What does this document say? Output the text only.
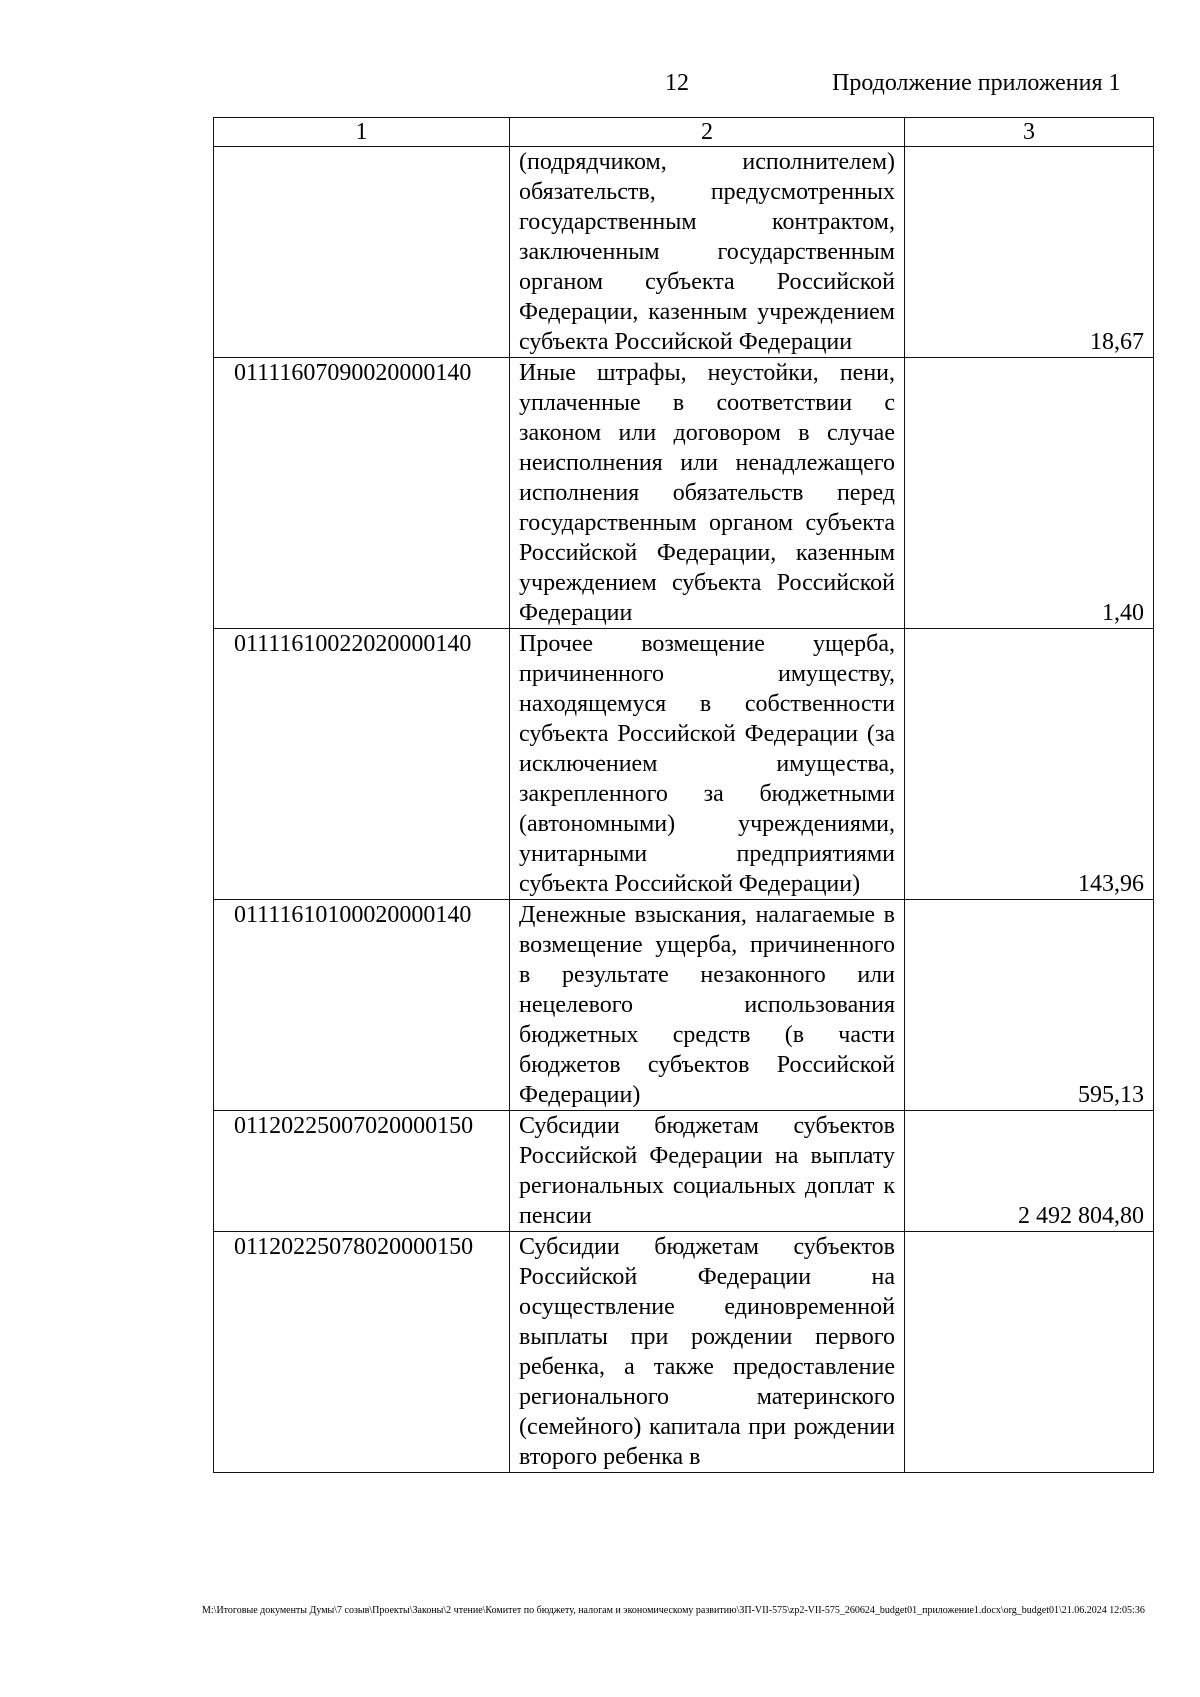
12	Продолжение приложения 1
1	2	3
	(подрядчиком, исполнителем) обязательств, предусмотренных государственным контрактом, заключенным государственным органом субъекта Российской Федерации, казенным учреждением субъекта Российской Федерации	18,67
01111607090020000140	Иные штрафы, неустойки, пени, уплаченные в соответствии с законом или договором в случае неисполнения или ненадлежащего исполнения обязательств перед государственным органом субъекта Российской Федерации, казенным учреждением субъекта Российской Федерации	1,40
01111610022020000140	Прочее возмещение ущерба, причиненного имуществу, находящемуся в собственности субъекта Российской Федерации (за исключением имущества, закрепленного за бюджетными (автономными) учреждениями, унитарными предприятиями субъекта Российской Федерации)	143,96
01111610100020000140	Денежные взыскания, налагаемые в возмещение ущерба, причиненного в результате незаконного или нецелевого использования бюджетных средств (в части бюджетов субъектов Российской Федерации)	595,13
01120225007020000150	Субсидии бюджетам субъектов Российской Федерации на выплату региональных социальных доплат к пенсии	2 492 804,80
01120225078020000150	Субсидии бюджетам субъектов Российской Федерации на осуществление единовременной выплаты при рождении первого ребенка, а также предоставление регионального материнского (семейного) капитала при рождении второго ребенка в	
M:\Итоговые документы Думы\7 созыв\Проекты\Законы\2 чтение\Комитет по бюджету, налогам и экономическому развитию\ЗП-VII-575\zp2-VII-575_260624_budget01_приложение1.docx\org_budget01\21.06.2024 12:05:36
